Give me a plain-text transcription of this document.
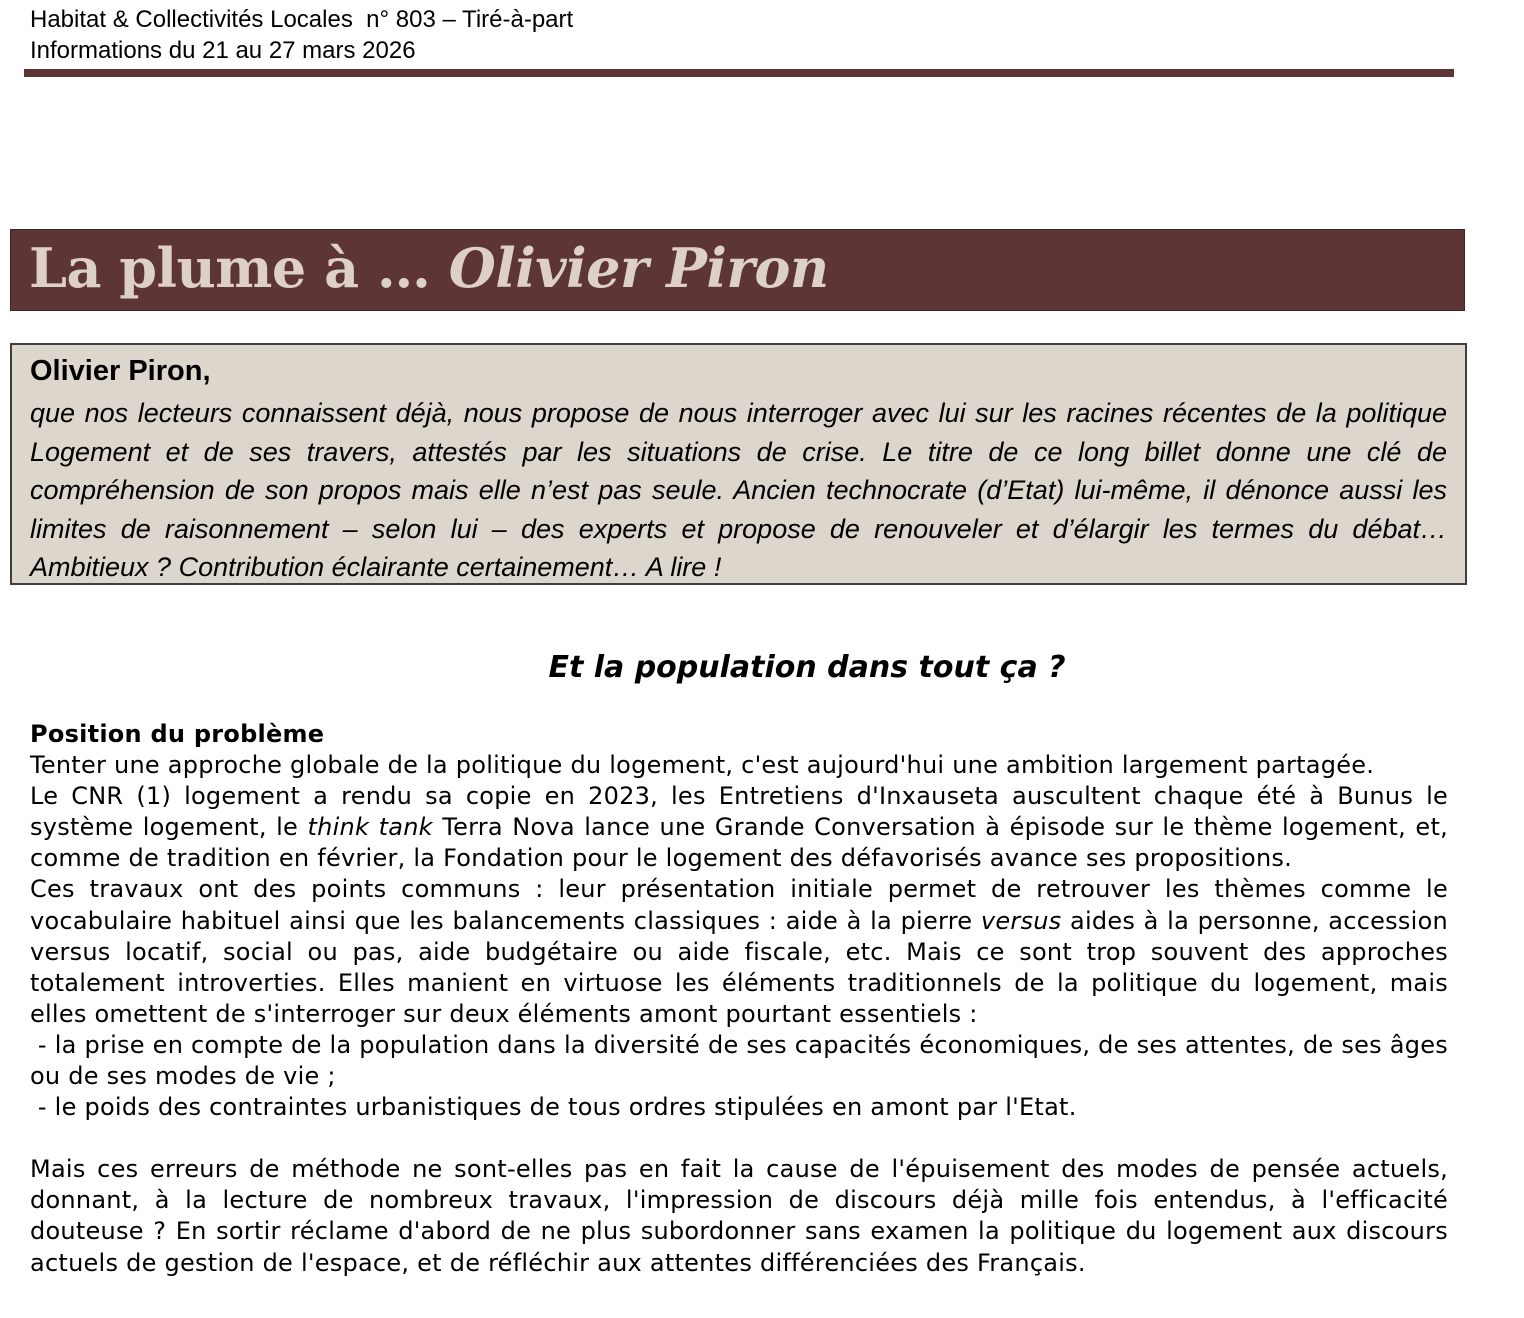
Habitat & Collectivités Locales  n° 803 – Tiré-à-part
Informations du 21 au 27 mars 2026
La plume à … Olivier Piron
Olivier Piron,
que nos lecteurs connaissent déjà, nous propose de nous interroger avec lui sur les racines récentes de la politique Logement et de ses travers, attestés par les situations de crise. Le titre de ce long billet donne une clé de compréhension de son propos mais elle n’est pas seule. Ancien technocrate (d’Etat) lui-même, il dénonce aussi les limites de raisonnement – selon lui – des experts et propose de renouveler et d’élargir les termes du débat… Ambitieux ? Contribution éclairante certainement… A lire !
Et la population dans tout ça ?

Position du problème

Tenter une approche globale de la politique du logement, c'est aujourd'hui une ambition largement partagée.

Le CNR (1) logement a rendu sa copie en 2023, les Entretiens d'Inxauseta auscultent chaque été à Bunus le système logement, le think tank Terra Nova lance une Grande Conversation à épisode sur le thème logement, et, comme de tradition en février, la Fondation pour le logement des défavorisés avance ses propositions.

Ces travaux ont des points communs : leur présentation initiale permet de retrouver les thèmes comme le vocabulaire habituel ainsi que les balancements classiques : aide à la pierre versus aides à la personne, accession versus locatif, social ou pas, aide budgétaire ou aide fiscale, etc. Mais ce sont trop souvent des approches totalement introverties. Elles manient en virtuose les éléments traditionnels de la politique du logement, mais elles omettent de s'interroger sur deux éléments amont pourtant essentiels :

- la prise en compte de la population dans la diversité de ses capacités économiques, de ses attentes, de ses âges ou de ses modes de vie ;

- le poids des contraintes urbanistiques de tous ordres stipulées en amont par l'Etat.

Mais ces erreurs de méthode ne sont-elles pas en fait la cause de l'épuisement des modes de pensée actuels, donnant, à la lecture de nombreux travaux, l'impression de discours déjà mille fois entendus, à l'efficacité douteuse ? En sortir réclame d'abord de ne plus subordonner sans examen la politique du logement aux discours actuels de gestion de l'espace, et de réfléchir aux attentes différenciées des Français.
